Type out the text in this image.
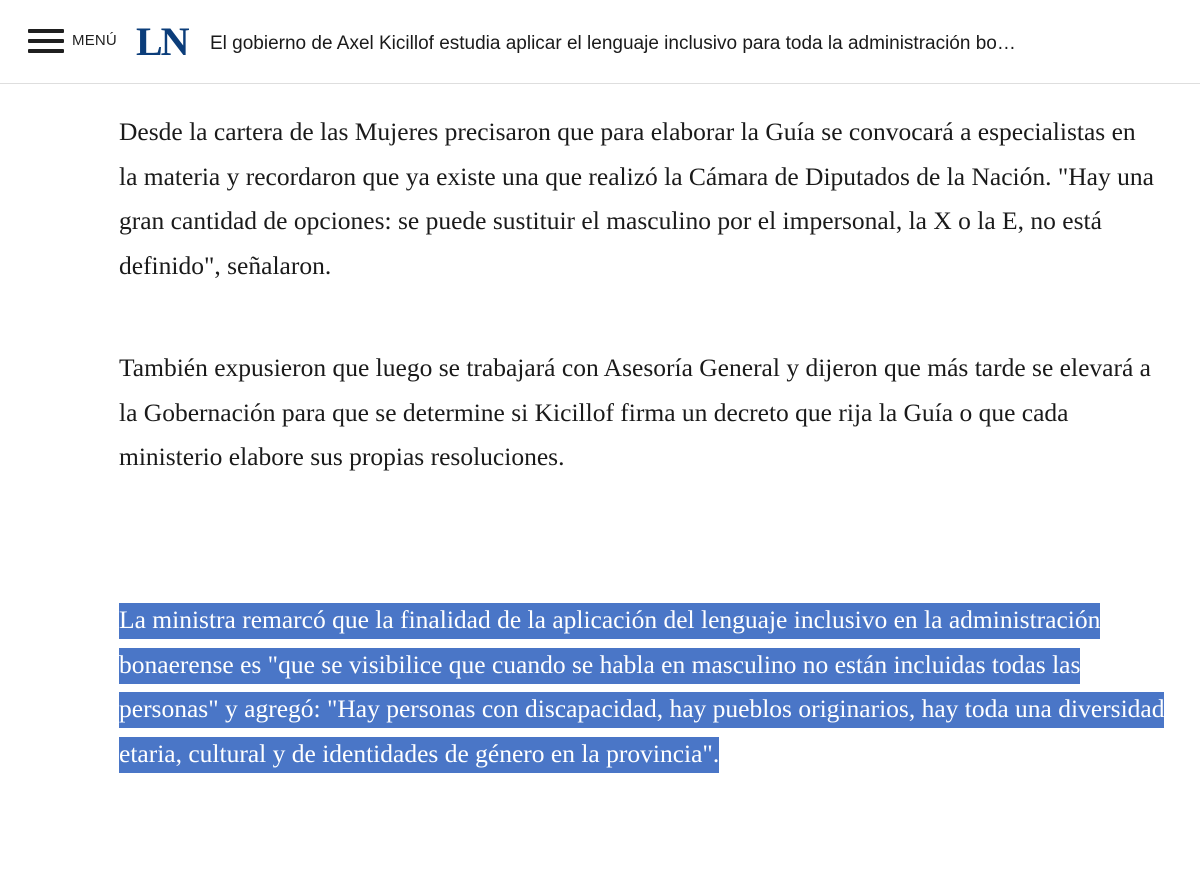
MENÚ LN El gobierno de Axel Kicillof estudia aplicar el lenguaje inclusivo para toda la administración bo…

Desde la cartera de las Mujeres precisaron que para elaborar la Guía se convocará a especialistas en la materia y recordaron que ya existe una que realizó la Cámara de Diputados de la Nación. "Hay una gran cantidad de opciones: se puede sustituir el masculino por el impersonal, la X o la E, no está definido", señalaron.

También expusieron que luego se trabajará con Asesoría General y dijeron que más tarde se elevará a la Gobernación para que se determine si Kicillof firma un decreto que rija la Guía o que cada ministerio elabore sus propias resoluciones.

La ministra remarcó que la finalidad de la aplicación del lenguaje inclusivo en la administración bonaerense es "que se visibilice que cuando se habla en masculino no están incluidas todas las personas" y agregó: "Hay personas con discapacidad, hay pueblos originarios, hay toda una diversidad etaria, cultural y de identidades de género en la provincia".
